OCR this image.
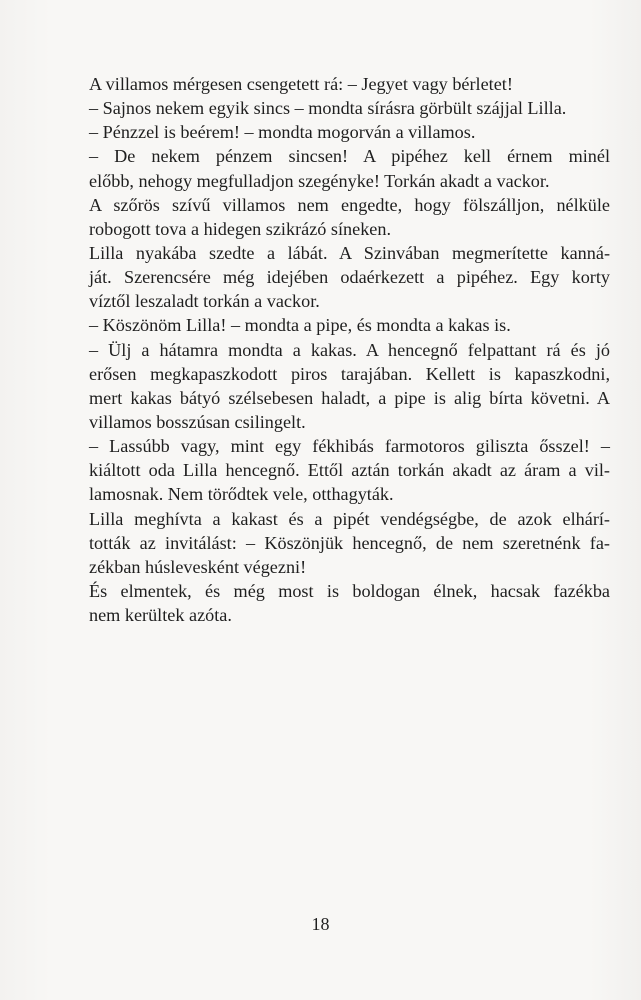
A villamos mérgesen csengetett rá: – Jegyet vagy bérletet!
– Sajnos nekem egyik sincs – mondta sírásra görbült szájjal Lilla.
– Pénzzel is beérem! – mondta mogorván a villamos.
– De nekem pénzem sincsen! A pipéhez kell érnem minél
előbb, nehogy megfulladjon szegényke! Torkán akadt a vackor.
A szőrös szívű villamos nem engedte, hogy fölszálljon, nélküle
robogott tova a hidegen szikrázó síneken.
Lilla nyakába szedte a lábát. A Szinvában megmerítette kanná-
ját. Szerencsére még idejében odaérkezett a pipéhez. Egy korty
víztől leszaladt torkán a vackor.
– Köszönöm Lilla! – mondta a pipe, és mondta a kakas is.
– Ülj a hátamra mondta a kakas. A hencegnő felpattant rá és jó
erősen megkapaszkodott piros tarajában. Kellett is kapaszkodni,
mert kakas bátyó szélsebesen haladt, a pipe is alig bírta követni. A
villamos bosszúsan csilingelt.
– Lassúbb vagy, mint egy fékhibás farmotoros giliszta ősszel! –
kiáltott oda Lilla hencegnő. Ettől aztán torkán akadt az áram a vil-
lamosnak. Nem törődtek vele, otthagyták.
Lilla meghívta a kakast és a pipét vendégségbe, de azok elhárí-
tották az invitálást: – Köszönjük hencegnő, de nem szeretnénk fa-
zékban húslevesként végezni!
És elmentek, és még most is boldogan élnek, hacsak fazékba
nem kerültek azóta.
18
